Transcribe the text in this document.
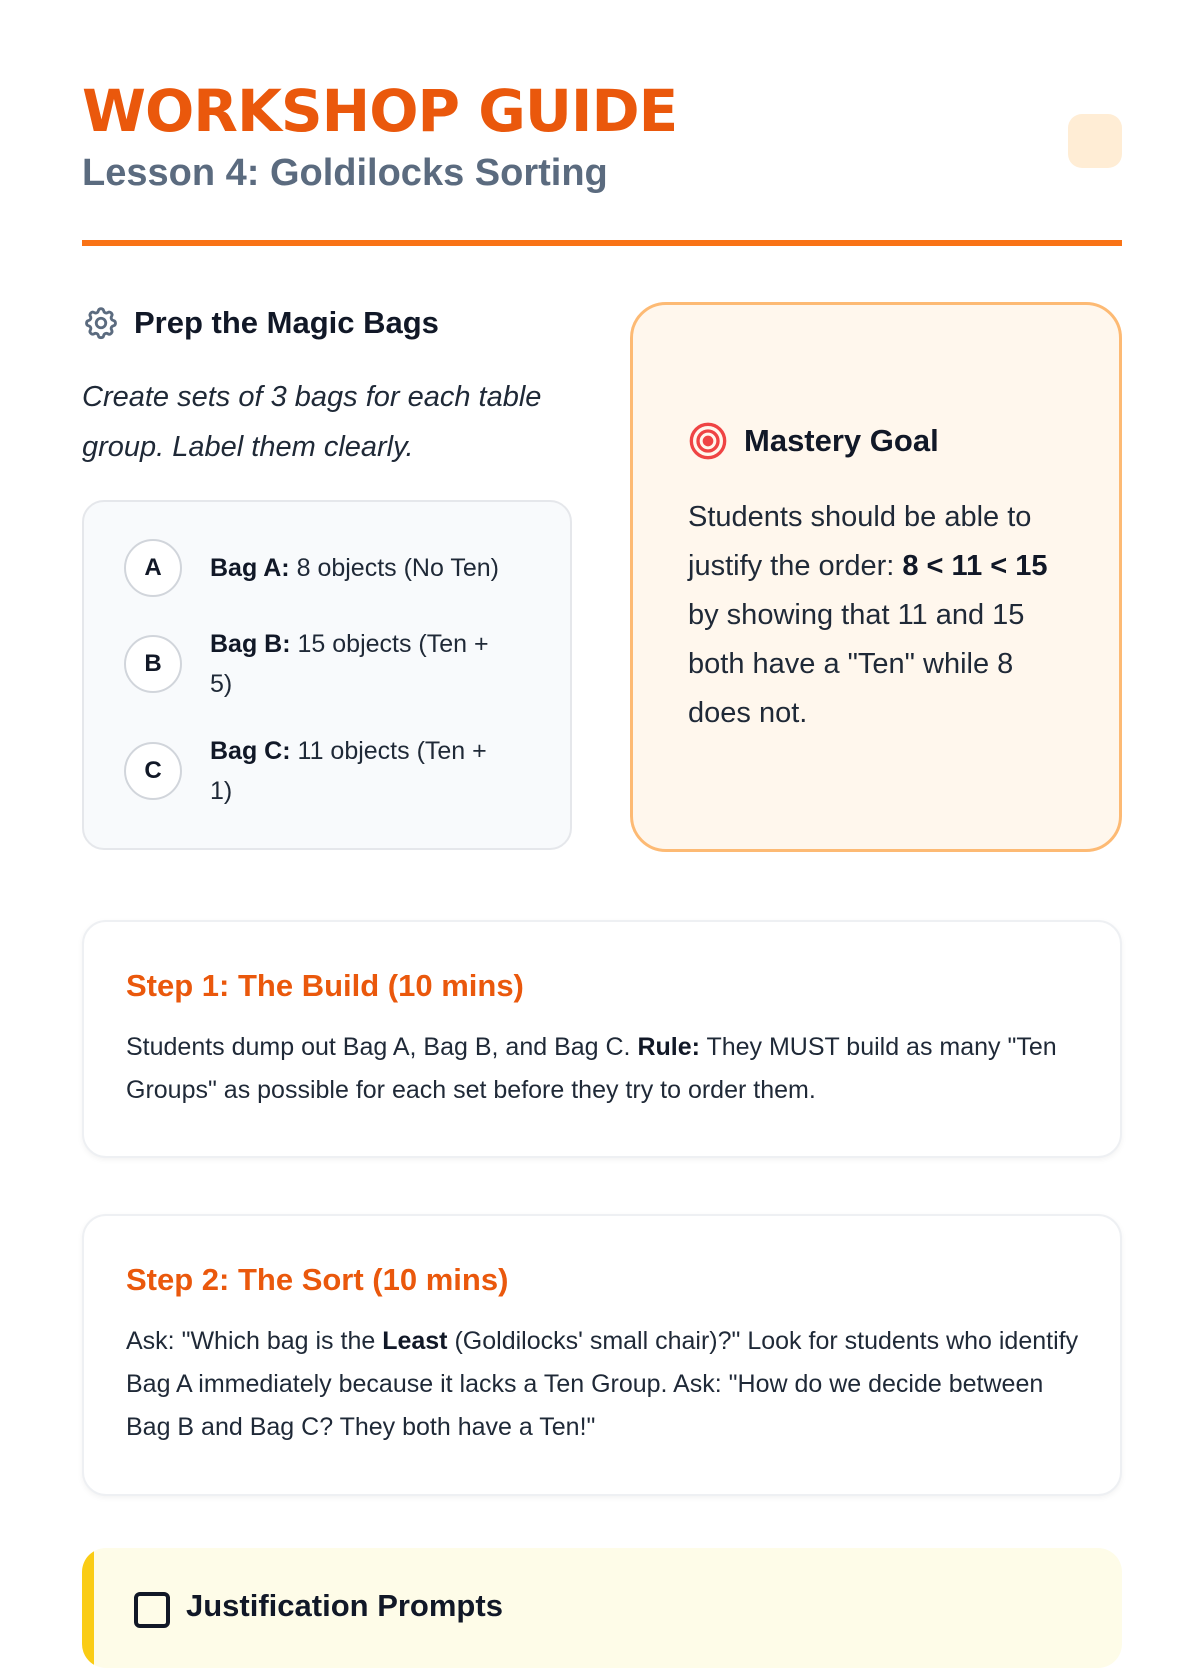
WORKSHOP GUIDE
Lesson 4: Goldilocks Sorting
Prep the Magic Bags
Create sets of 3 bags for each table group. Label them clearly.
A	Bag A: 8 objects (No Ten)
B
Bag B: 15 objects (Ten + 5)
C
Bag C: 11 objects (Ten + 1)
Mastery Goal
Students should be able to justify the order: 8 < 11 < 15 by showing that 11 and 15 both have a "Ten" while 8 does not.
Step 1: The Build (10 mins)
Students dump out Bag A, Bag B, and Bag C. Rule: They MUST build as many "Ten Groups" as possible for each set before they try to order them.
Step 2: The Sort (10 mins)
Ask: "Which bag is the Least (Goldilocks' small chair)?" Look for students who identify Bag A immediately because it lacks a Ten Group. Ask: "How do we decide between Bag B and Bag C? They both have a Ten!"
Justification Prompts
